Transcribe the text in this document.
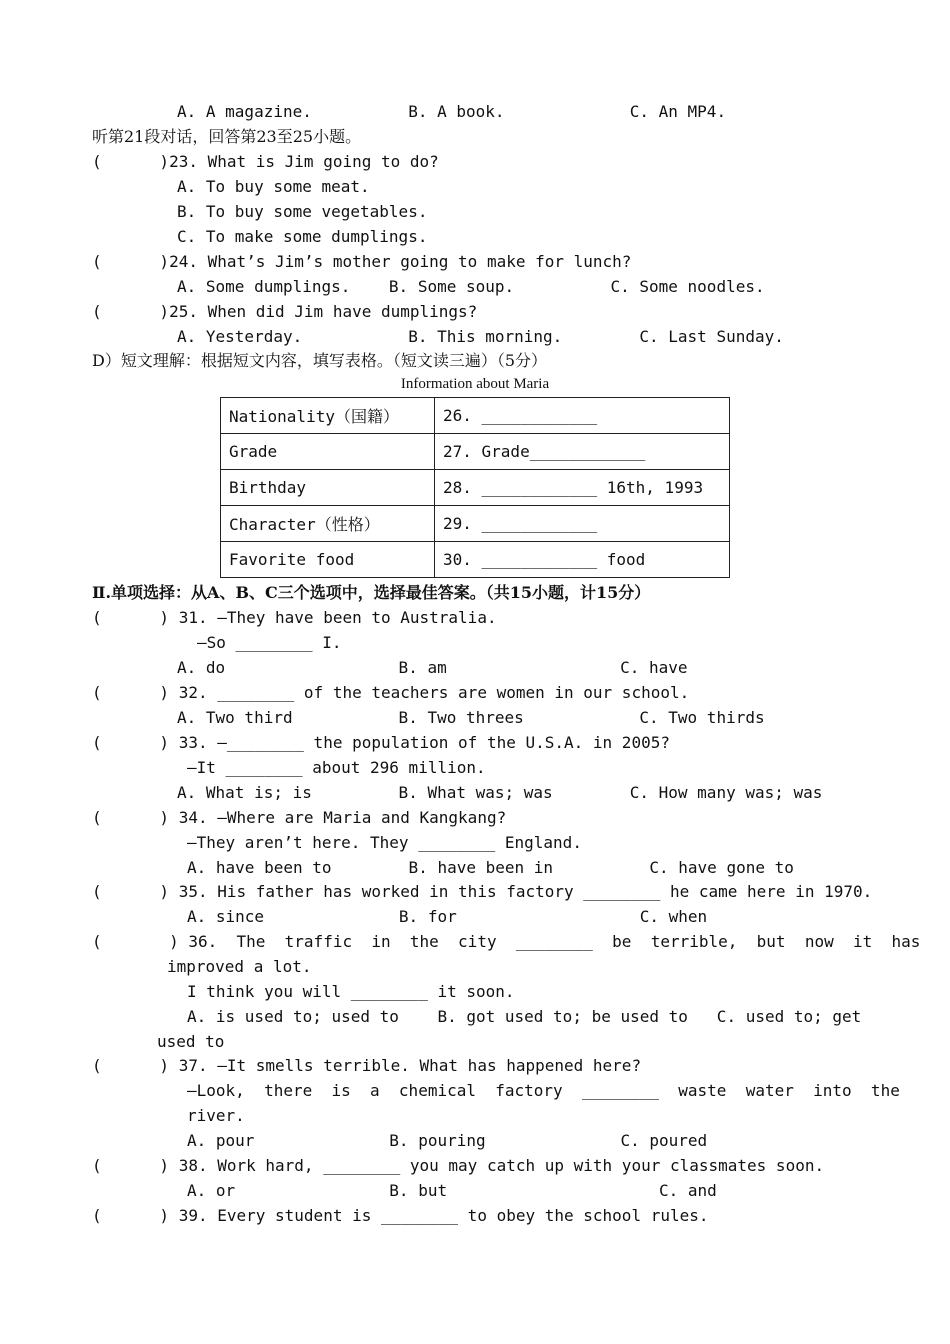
A. A magazine.          B. A book.             C. An MP4.
听第21段对话，回答第23至25小题。
(      )23. What is Jim going to do?
A. To buy some meat.
B. To buy some vegetables.
C. To make some dumplings.
(      )24. What’s Jim’s mother going to make for lunch?
A. Some dumplings.    B. Some soup.          C. Some noodles.
(      )25. When did Jim have dumplings?
A. Yesterday.           B. This morning.        C. Last Sunday.
D）短文理解：根据短文内容，填写表格。（短文读三遍）（5分）
Information about Maria
Nationality（国籍）	26. ____________
Grade	27. Grade____________
Birthday	28. ____________ 16th, 1993
Character（性格）	29. ____________
Favorite food	30. ____________ food
Ⅱ.单项选择：从A、B、C三个选项中，选择最佳答案。（共15小题，计15分）
(      ) 31. —They have been to Australia.
—So ________ I.
A. do                  B. am                  C. have
(      ) 32. ________ of the teachers are women in our school.
A. Two third           B. Two threes            C. Two thirds
(      ) 33. —________ the population of the U.S.A. in 2005?
—It ________ about 296 million.
A. What is; is         B. What was; was        C. How many was; was
(      ) 34. —Where are Maria and Kangkang?
—They aren’t here. They ________ England.
A. have been to        B. have been in          C. have gone to
(      ) 35. His father has worked in this factory ________ he came here in 1970.
A. since              B. for                   C. when
(       ) 36.  The  traffic  in  the  city  ________  be  terrible,  but  now  it  has
improved a lot.
I think you will ________ it soon.
A. is used to; used to    B. got used to; be used to   C. used to; get
used to
(      ) 37. —It smells terrible. What has happened here?
—Look,  there  is  a  chemical  factory  ________  waste  water  into  the
river.
A. pour              B. pouring              C. poured
(      ) 38. Work hard, ________ you may catch up with your classmates soon.
A. or                B. but                      C. and
(      ) 39. Every student is ________ to obey the school rules.
